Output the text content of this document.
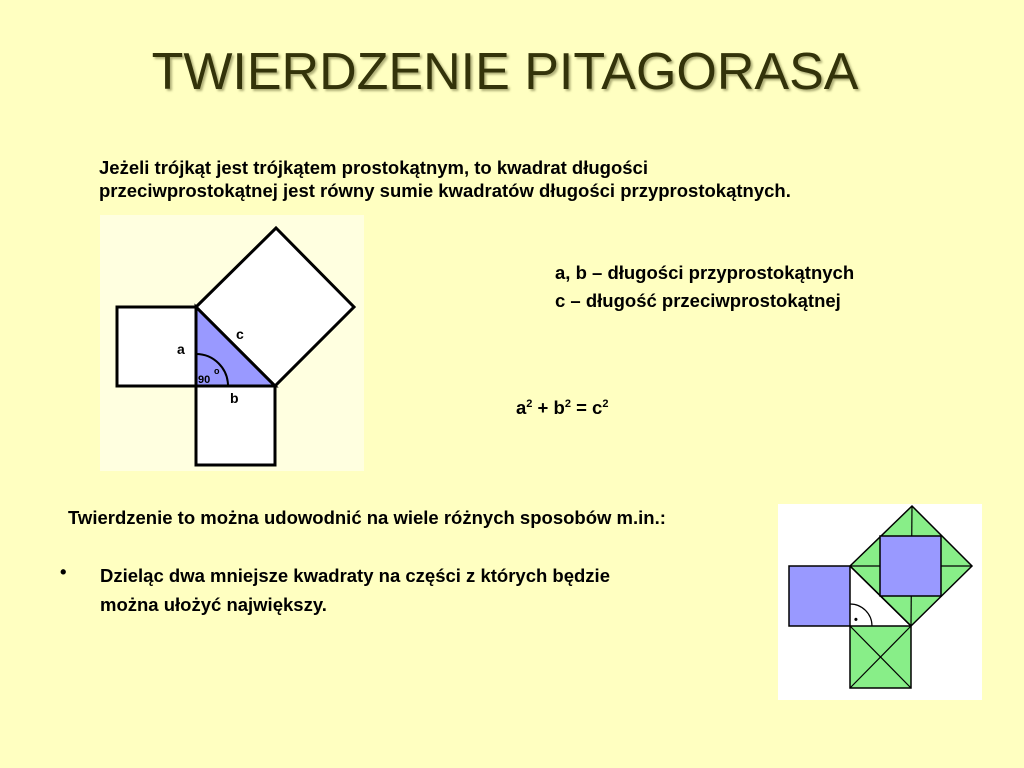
TWIERDZENIE PITAGORASA
Jeżeli trójkąt jest trójkątem prostokątnym, to kwadrat długości
przeciwprostokątnej jest równy sumie kwadratów długości przyprostokątnych.
a
c
b
90
o
a, b – długości przyprostokątnych
c – długość przeciwprostokątnej
$a^2 + b^2 = c^2$
Twierdzenie to można udowodnić na wiele różnych sposobów m.in.:
• Dzieląc dwa mniejsze kwadraty na części z których będzie
można ułożyć największy.
•
